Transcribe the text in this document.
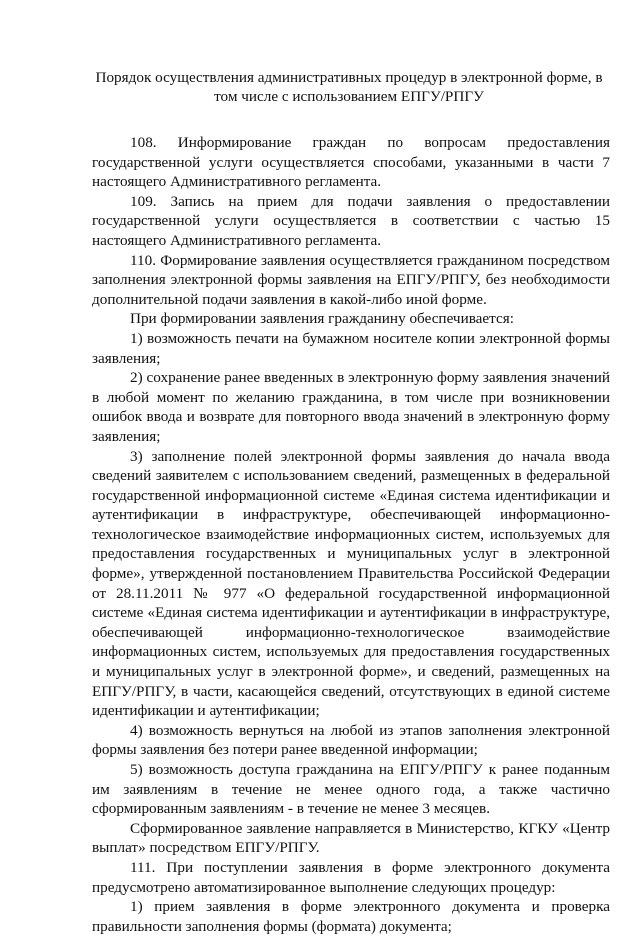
Порядок осуществления административных процедур в электронной форме, в
том числе с использованием ЕПГУ/РПГУ

108. Информирование граждан по вопросам предоставления государственной услуги осуществляется способами, указанными в части 7 настоящего Административного регламента.

109. Запись на прием для подачи заявления о предоставлении государственной услуги осуществляется в соответствии с частью 15 настоящего Административного регламента.

110. Формирование заявления осуществляется гражданином посредством заполнения электронной формы заявления на ЕПГУ/РПГУ, без необходимости дополнительной подачи заявления в какой-либо иной форме.

При формировании заявления гражданину обеспечивается:

1) возможность печати на бумажном носителе копии электронной формы заявления;

2) сохранение ранее введенных в электронную форму заявления значений в любой момент по желанию гражданина, в том числе при возникновении ошибок ввода и возврате для повторного ввода значений в электронную форму заявления;

3) заполнение полей электронной формы заявления до начала ввода сведений заявителем с использованием сведений, размещенных в федеральной государственной информационной системе «Единая система идентификации и аутентификации в инфраструктуре, обеспечивающей информационно-технологическое взаимодействие информационных систем, используемых для предоставления государственных и муниципальных услуг в электронной форме», утвержденной постановлением Правительства Российской Федерации от 28.11.2011 № 977 «О федеральной государственной информационной системе «Единая система идентификации и аутентификации в инфраструктуре, обеспечивающей информационно-технологическое взаимодействие информационных систем, используемых для предоставления государственных и муниципальных услуг в электронной форме», и сведений, размещенных на ЕПГУ/РПГУ, в части, касающейся сведений, отсутствующих в единой системе идентификации и аутентификации;

4) возможность вернуться на любой из этапов заполнения электронной формы заявления без потери ранее введенной информации;

5) возможность доступа гражданина на ЕПГУ/РПГУ к ранее поданным им заявлениям в течение не менее одного года, а также частично сформированным заявлениям - в течение не менее 3 месяцев.

Сформированное заявление направляется в Министерство, КГКУ «Центр выплат» посредством ЕПГУ/РПГУ.

111. При поступлении заявления в форме электронного документа предусмотрено автоматизированное выполнение следующих процедур:

1) прием заявления в форме электронного документа и проверка правильности заполнения формы (формата) документа;
